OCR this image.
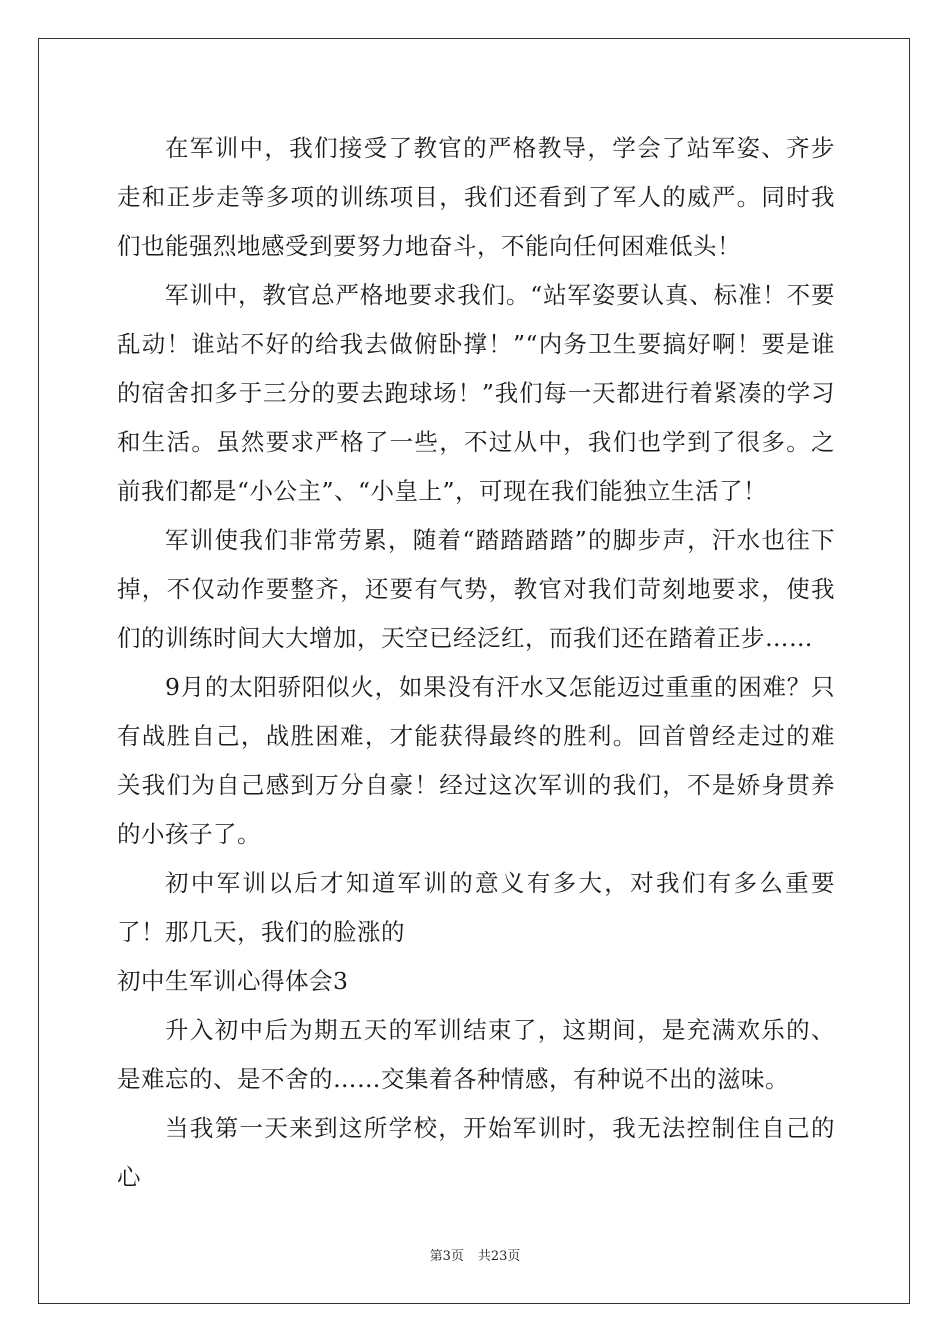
在军训中，我们接受了教官的严格教导，学会了站军姿、齐步走和正步走等多项的训练项目，我们还看到了军人的威严。同时我们也能强烈地感受到要努力地奋斗，不能向任何困难低头！

军训中，教官总严格地要求我们。“站军姿要认真、标准！不要乱动！谁站不好的给我去做俯卧撑！”“内务卫生要搞好啊！要是谁的宿舍扣多于三分的要去跑球场！”我们每一天都进行着紧凑的学习和生活。虽然要求严格了一些，不过从中，我们也学到了很多。之前我们都是“小公主”、“小皇上”，可现在我们能独立生活了！

军训使我们非常劳累，随着“踏踏踏踏”的脚步声，汗水也往下掉，不仅动作要整齐，还要有气势，教官对我们苛刻地要求，使我们的训练时间大大增加，天空已经泛红，而我们还在踏着正步……

9月的太阳骄阳似火，如果没有汗水又怎能迈过重重的困难？只有战胜自己，战胜困难，才能获得最终的胜利。回首曾经走过的难关我们为自己感到万分自豪！经过这次军训的我们，不是娇身贯养的小孩子了。

初中军训以后才知道军训的意义有多大，对我们有多么重要了！那几天，我们的脸涨的

初中生军训心得体会3

升入初中后为期五天的军训结束了，这期间，是充满欢乐的、是难忘的、是不舍的……交集着各种情感，有种说不出的滋味。

当我第一天来到这所学校，开始军训时，我无法控制住自己的心

第3页 共23页
